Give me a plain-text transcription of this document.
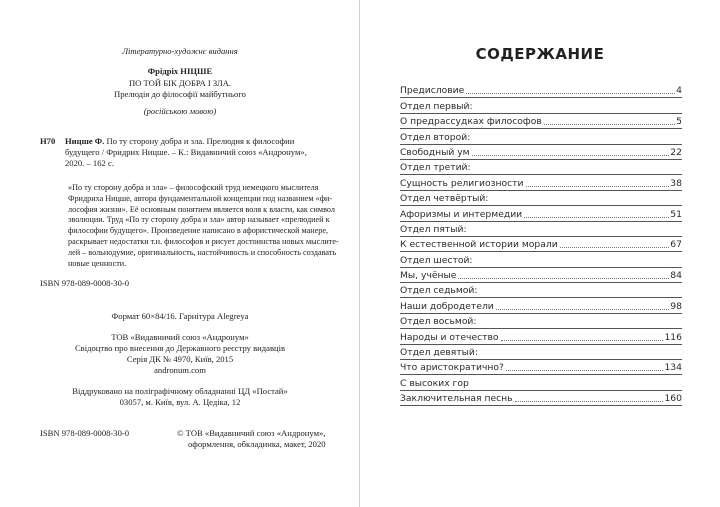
Літературно-художнє видання
Фрідріх НІЦШЕ
ПО ТОЙ БІК ДОБРА І ЗЛА.
Прелюдія до філософії майбутнього
(російською мовою)
Н70 Ницше Ф. По ту сторону добра и зла. Прелюдия к философии
будущего / Фридрих Ницше. – К.: Видавничий союз «Андронум»,
2020. – 162 с.
«По ту сторону добра и зла» – философский труд немецкого мыслителя
Фридриха Ницше, автора фундаментальной концепции под названием «фи-
лософия жизни». Её основным понятием является воля к власти, как символ
эволюции. Труд «По ту сторону добра и зла» автор называет «прелюдией к
философии будущего». Произведение написано в афористической манере,
раскрывает недостатки т.н. философов и рисует достоинства новых мыслите-
лей – вольнодумие, оригинальность, настойчивость и способность создавать
новые ценности.
ISBN 978-089-0008-30-0
Формат 60×84/16. Гарнітура Alegreya
ТОВ «Видавничий союз «Андронум»
Свідоцтво про внесення до Державного реєстру видавців
Серія ДК № 4970, Київ, 2015
andronum.com
Віддруковано на поліграфічному обладнанні ЦД «Постай»
03057, м. Київ, вул. А. Цедіка, 12
ISBN 978-089-0008-30-0	© ТОВ «Видавничий союз «Андронум»,
оформлення, обкладинка, макет, 2020
СОДЕРЖАНИЕ
Предисловие	4
Отдел первый:
О предрассудках философов	5
Отдел второй:
Свободный ум	22
Отдел третий:
Сущность религиозности	38
Отдел четвёртый:
Афоризмы и интермедии	51
Отдел пятый:
К естественной истории морали	67
Отдел шестой:
Мы, учёные	84
Отдел седьмой:
Наши добродетели	98
Отдел восьмой:
Народы и отечество	116
Отдел девятый:
Что аристократично?	134
С высоких гор
Заключительная песнь	160
